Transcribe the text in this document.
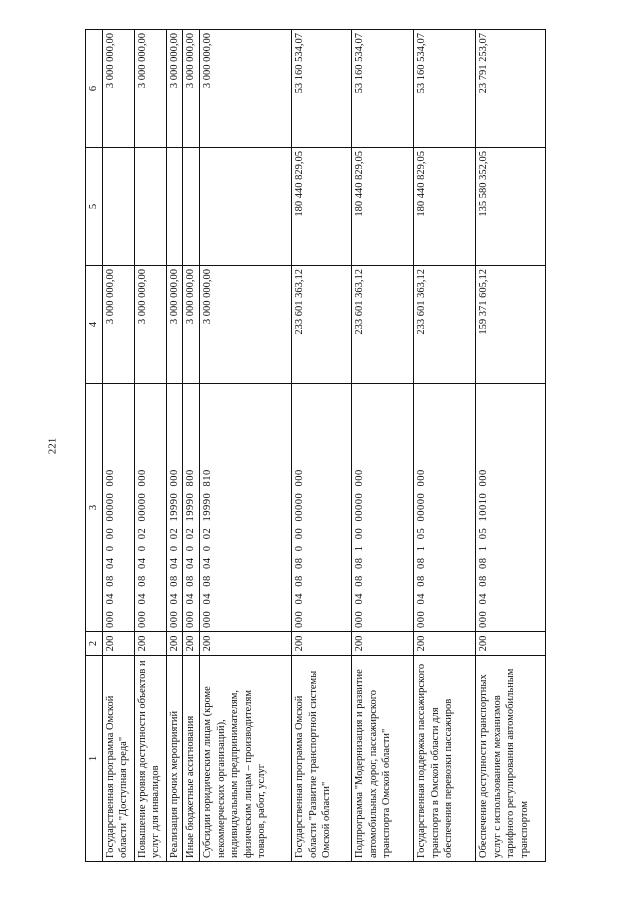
221
1	2	3	4	5	6
Государственная программа Омской области "Доступная среда"	200	000  04  08  04  0  00  00000  000	3 000 000,00		3 000 000,00
Повышение уровня доступности объектов и услуг для инвалидов	200	000  04  08  04  0  02  00000  000	3 000 000,00		3 000 000,00
Реализация прочих мероприятий	200	000  04  08  04  0  02  19990  000	3 000 000,00		3 000 000,00
Иные бюджетные ассигнования	200	000  04  08  04  0  02  19990  800	3 000 000,00		3 000 000,00
Субсидии юридическим лицам (кроме некоммерческих организаций), индивидуальным предпринимателям, физическим лицам – производителям товаров, работ, услуг	200	000  04  08  04  0  02  19990  810	3 000 000,00		3 000 000,00
Государственная программа Омской области "Развитие транспортной системы Омской области"	200	000  04  08  08  0  00  00000  000	233 601 363,12	180 440 829,05	53 160 534,07
Подпрограмма "Модернизация и развитие автомобильных дорог, пассажирского транспорта Омской области"	200	000  04  08  08  1  00  00000  000	233 601 363,12	180 440 829,05	53 160 534,07
Государственная поддержка пассажирского транспорта в Омской области для обеспечения перевозки пассажиров	200	000  04  08  08  1  05  00000  000	233 601 363,12	180 440 829,05	53 160 534,07
Обеспечение доступности транспортных услуг с использованием механизмов тарифного регулирования автомобильным транспортом	200	000  04  08  08  1  05  10010  000	159 371 605,12	135 580 352,05	23 791 253,07
